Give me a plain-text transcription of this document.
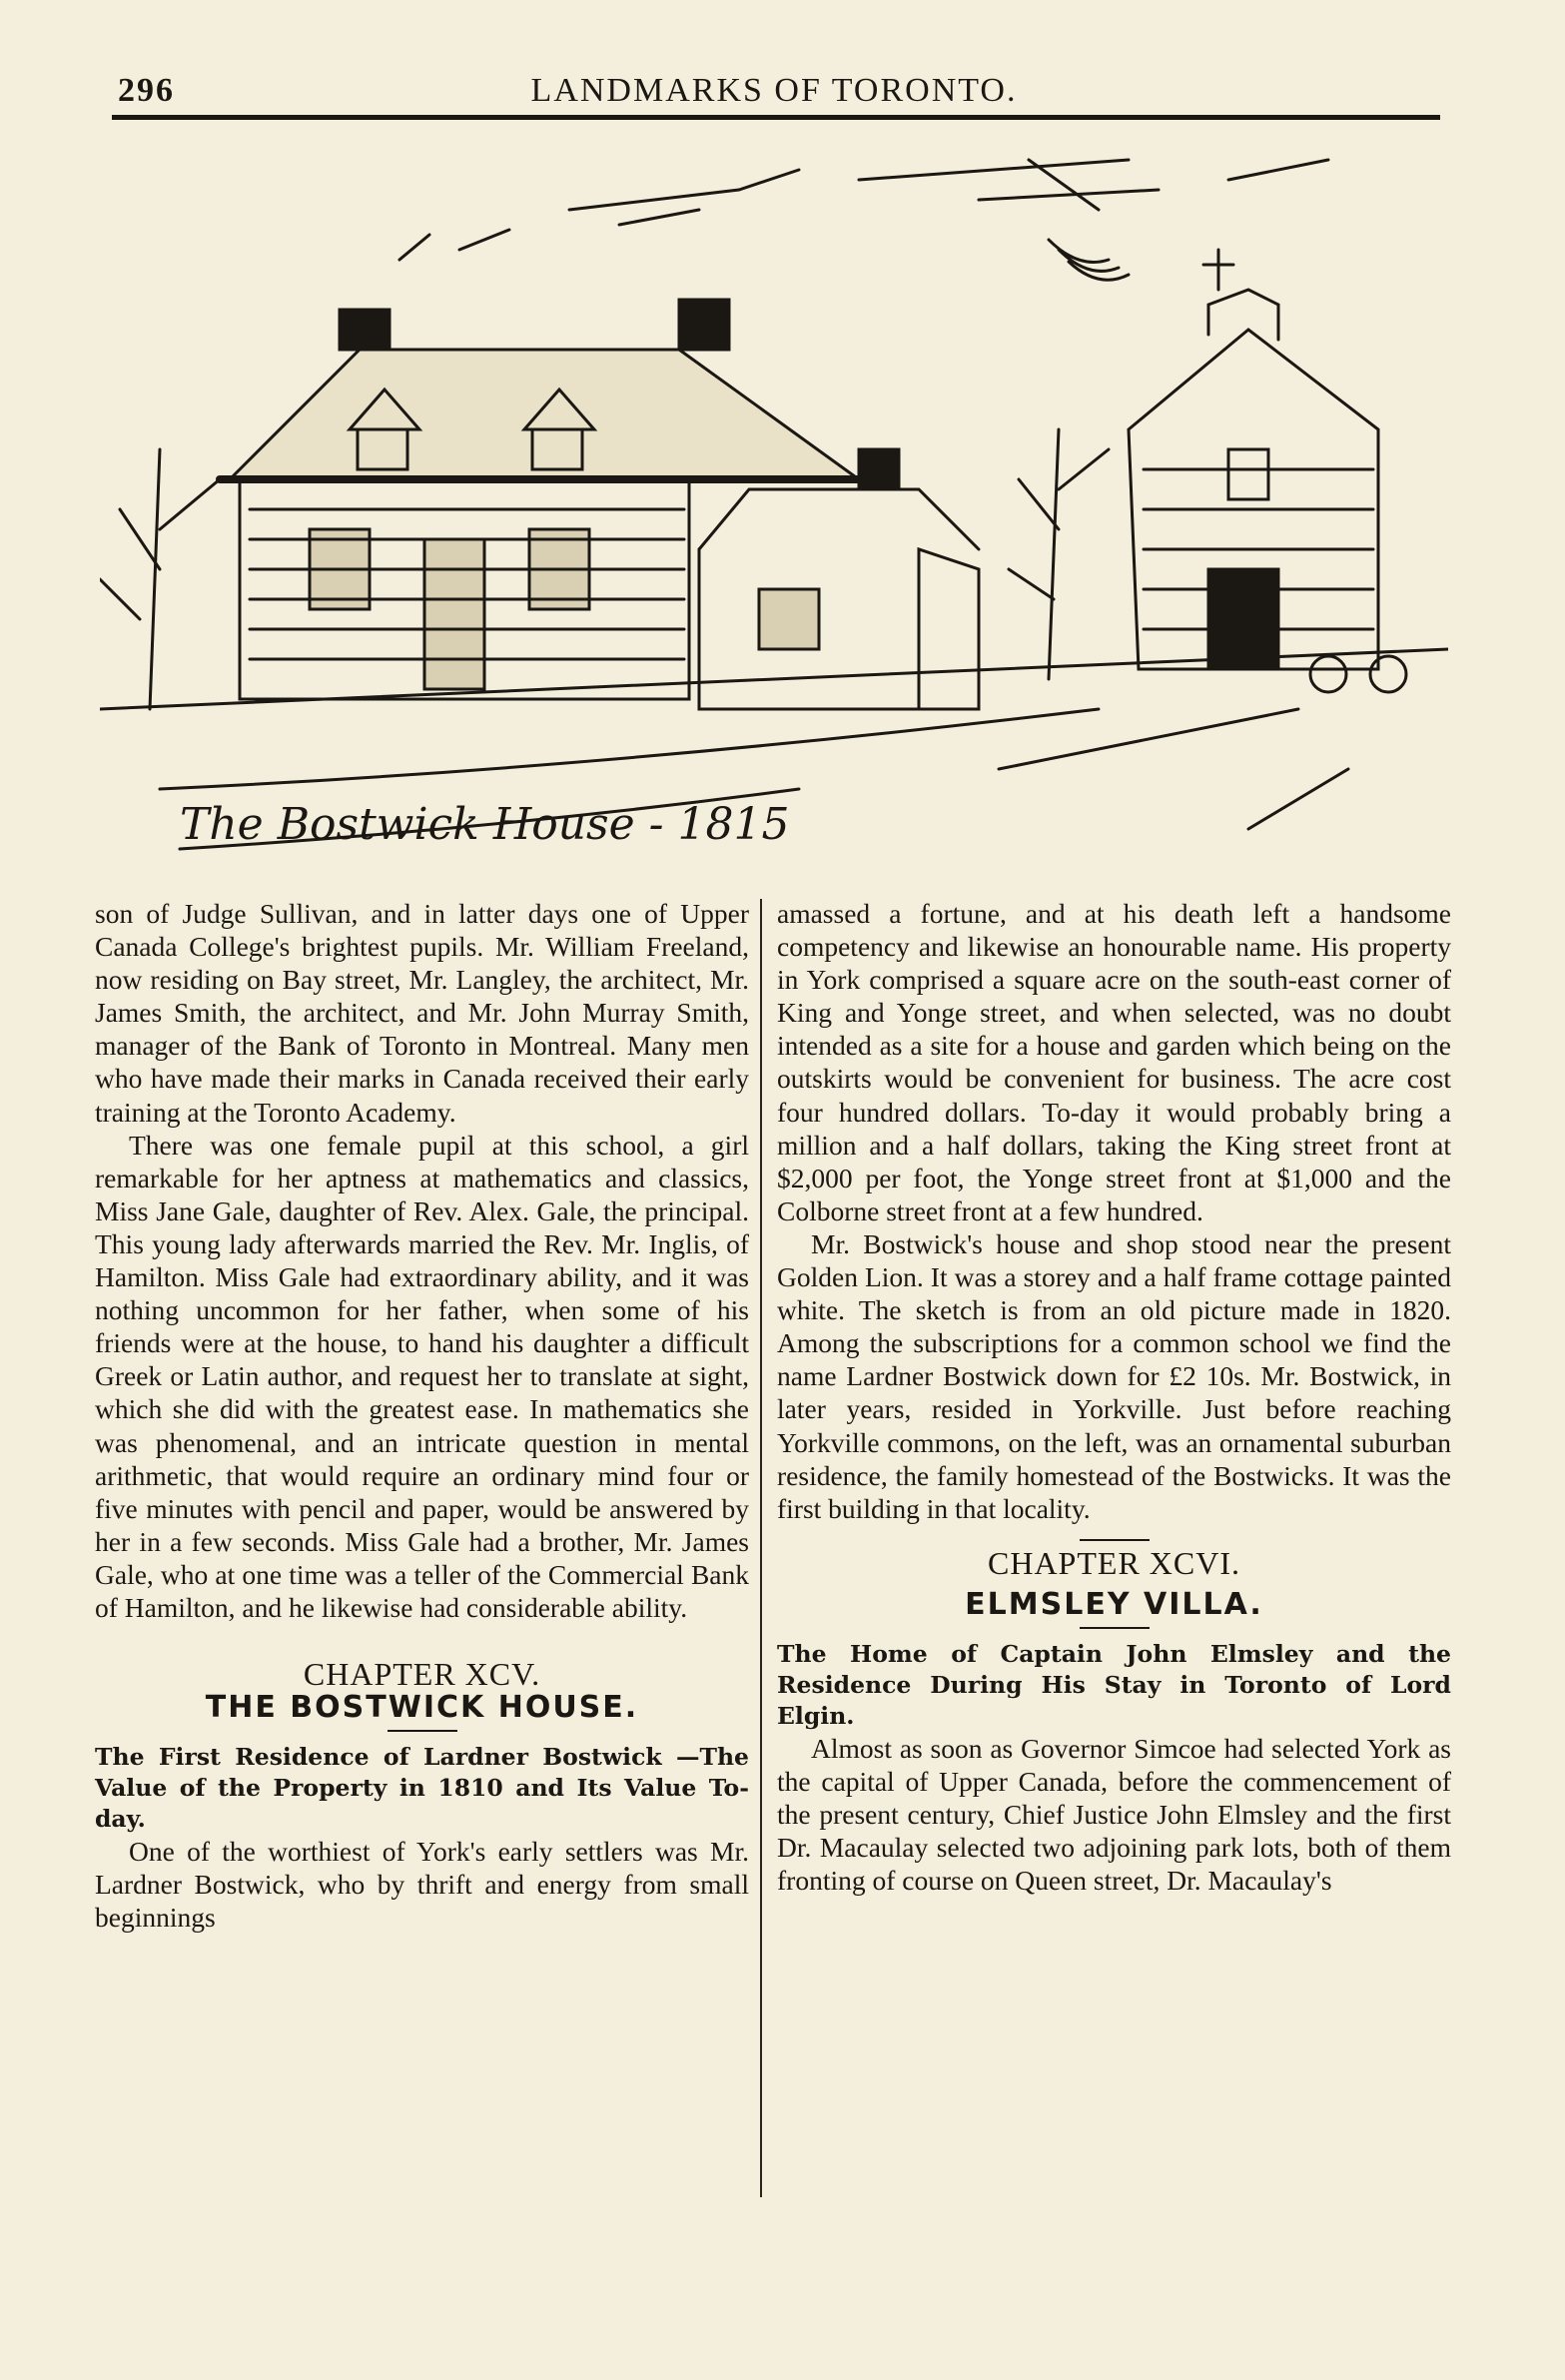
296	LANDMARKS OF TORONTO.
The Bostwick House - 1815

son of Judge Sullivan, and in latter days one of Upper Canada College's brightest pupils. Mr. William Freeland, now residing on Bay street, Mr. Langley, the architect, Mr. James Smith, the architect, and Mr. John Murray Smith, manager of the Bank of Toronto in Montreal. Many men who have made their marks in Canada received their early training at the Toronto Academy.

There was one female pupil at this school, a girl remarkable for her aptness at mathematics and classics, Miss Jane Gale, daughter of Rev. Alex. Gale, the principal. This young lady afterwards married the Rev. Mr. Inglis, of Hamilton. Miss Gale had extraordinary ability, and it was nothing uncommon for her father, when some of his friends were at the house, to hand his daughter a difficult Greek or Latin author, and request her to translate at sight, which she did with the greatest ease. In mathematics she was phenomenal, and an intricate question in mental arithmetic, that would require an ordinary mind four or five minutes with pencil and paper, would be answered by her in a few seconds. Miss Gale had a brother, Mr. James Gale, who at one time was a teller of the Commercial Bank of Hamilton, and he likewise had considerable ability.

CHAPTER XCV.

THE BOSTWICK HOUSE.

The First Residence of Lardner Bostwick —The Value of the Property in 1810 and Its Value To-day.

One of the worthiest of York's early settlers was Mr. Lardner Bostwick, who by thrift and energy from small beginnings

amassed a fortune, and at his death left a handsome competency and likewise an honourable name. His property in York comprised a square acre on the south-east corner of King and Yonge street, and when selected, was no doubt intended as a site for a house and garden which being on the outskirts would be convenient for business. The acre cost four hundred dollars. To-day it would probably bring a million and a half dollars, taking the King street front at $2,000 per foot, the Yonge street front at $1,000 and the Colborne street front at a few hundred.

Mr. Bostwick's house and shop stood near the present Golden Lion. It was a storey and a half frame cottage painted white. The sketch is from an old picture made in 1820. Among the subscriptions for a common school we find the name Lardner Bostwick down for £2 10s. Mr. Bostwick, in later years, resided in Yorkville. Just before reaching Yorkville commons, on the left, was an ornamental suburban residence, the family homestead of the Bostwicks. It was the first building in that locality.

CHAPTER XCVI.

ELMSLEY VILLA.

The Home of Captain John Elmsley and the Residence During His Stay in Toronto of Lord Elgin.

Almost as soon as Governor Simcoe had selected York as the capital of Upper Canada, before the commencement of the present century, Chief Justice John Elmsley and the first Dr. Macaulay selected two adjoining park lots, both of them fronting of course on Queen street, Dr. Macaulay's
